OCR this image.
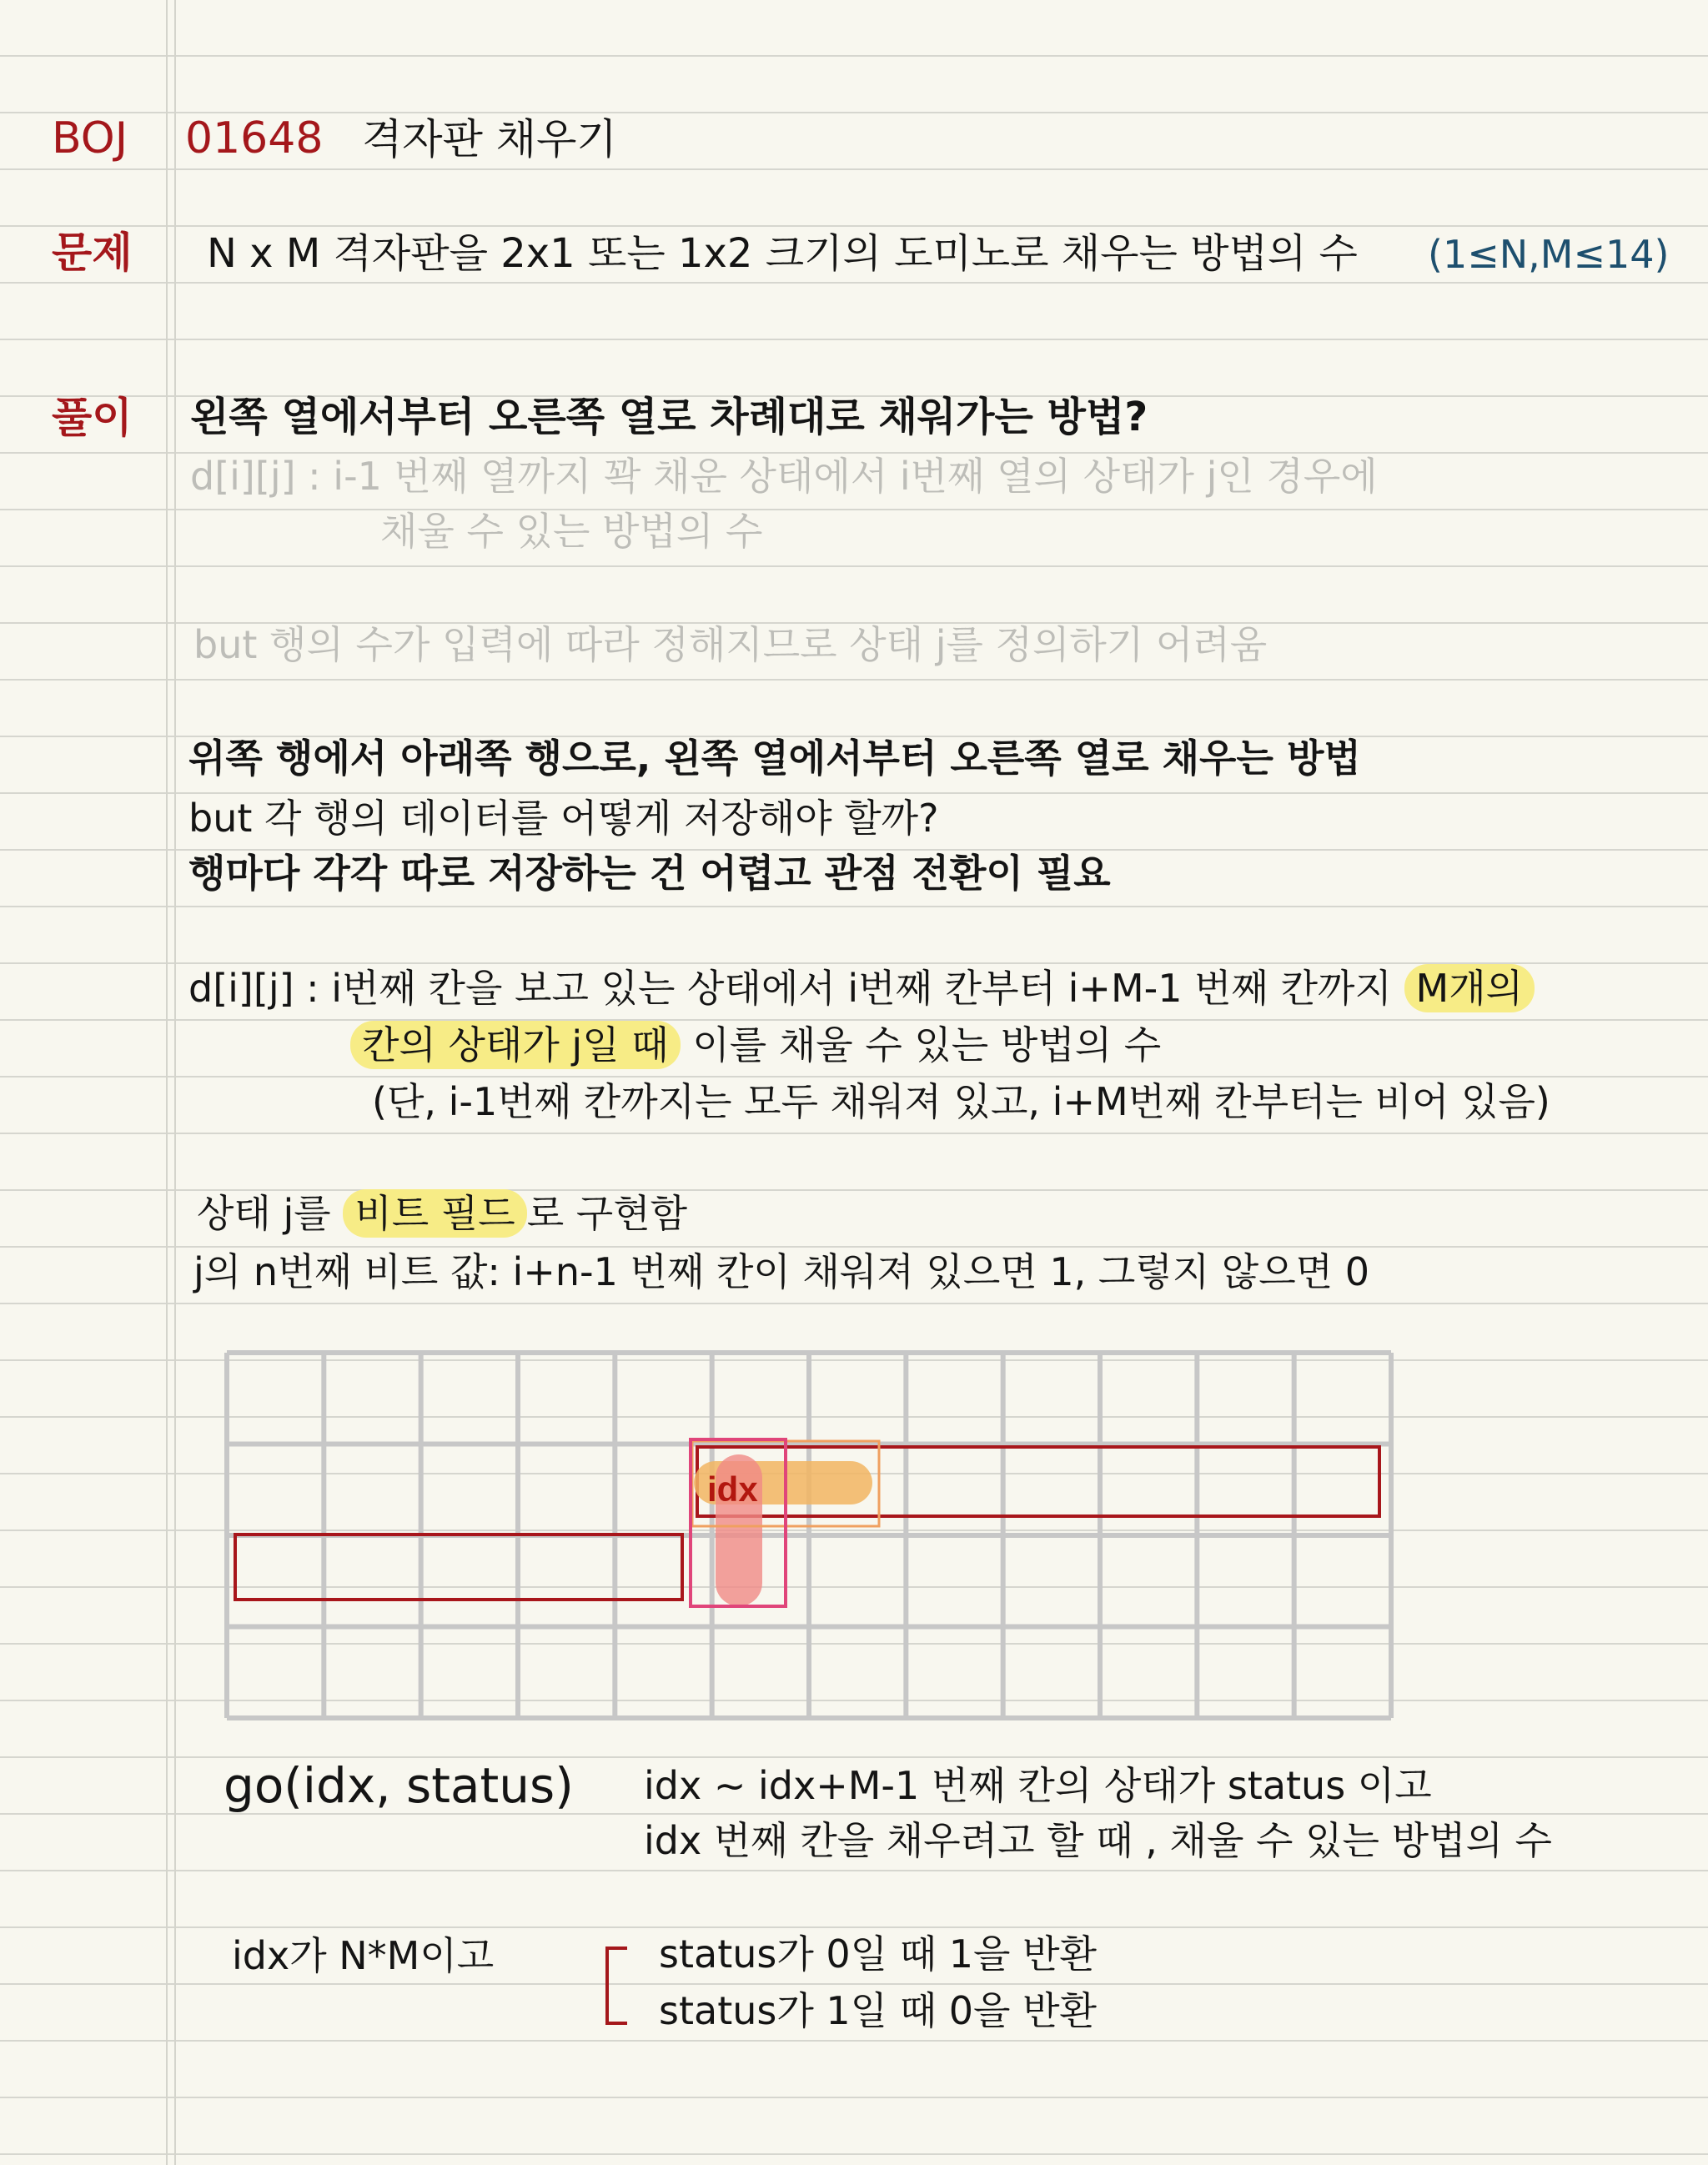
BOJ 01648 격자판 채우기
문제 N x M 격자판을 2x1 또는 1x2 크기의 도미노로 채우는 방법의 수 (1≤N,M≤14)
풀이 왼쪽 열에서부터 오른쪽 열로 차례대로 채워가는 방법?
d[i][j] : i-1 번째 열까지 꽉 채운 상태에서 i번째 열의 상태가 j인 경우에
채울 수 있는 방법의 수
but 행의 수가 입력에 따라 정해지므로 상태 j를 정의하기 어려움
위쪽 행에서 아래쪽 행으로, 왼쪽 열에서부터 오른쪽 열로 채우는 방법
but 각 행의 데이터를 어떻게 저장해야 할까?
행마다 각각 따로 저장하는 건 어렵고 관점 전환이 필요
d[i][j] : i번째 칸을 보고 있는 상태에서 i번째 칸부터 i+M-1 번째 칸까지 M개의
칸의 상태가 j일 때 이를 채울 수 있는 방법의 수
(단, i-1번째 칸까지는 모두 채워져 있고, i+M번째 칸부터는 비어 있음)
상태 j를 비트 필드 로 구현함
j의 n번째 비트 값: i+n-1 번째 칸이 채워져 있으면 1, 그렇지 않으면 0
idx
go(idx, status) idx ~ idx+M-1 번째 칸의 상태가 status 이고
idx 번째 칸을 채우려고 할 때 , 채울 수 있는 방법의 수
idx가 N*M이고	status가 0일 때 1을 반환
status가 1일 때 0을 반환
